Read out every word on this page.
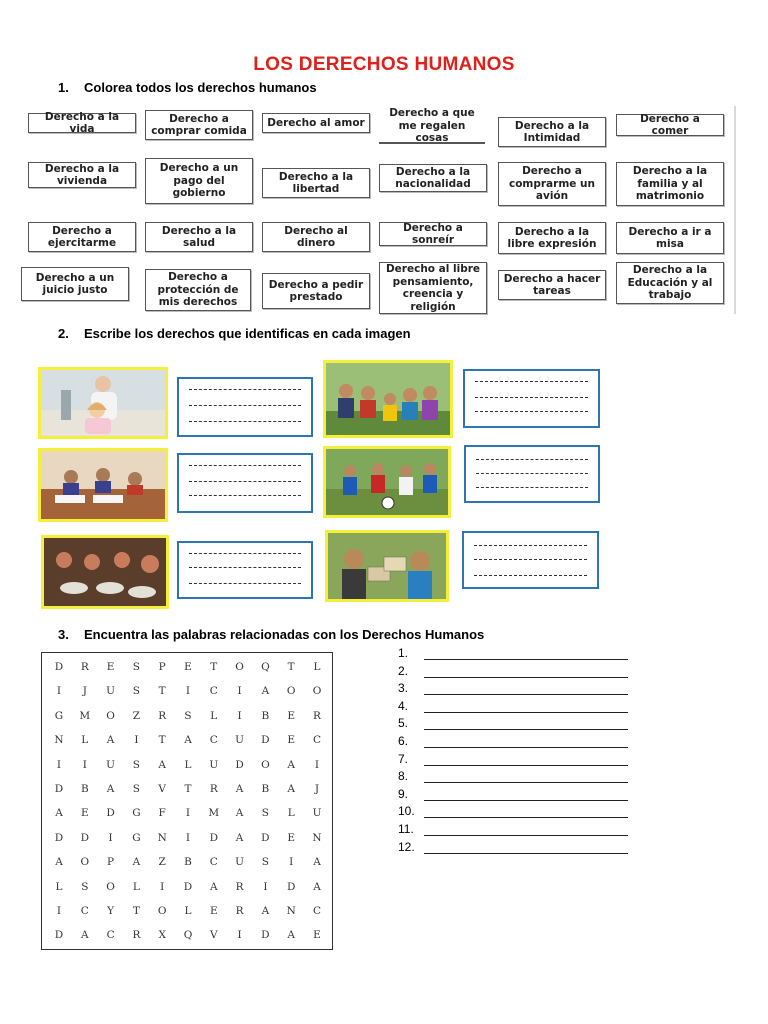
LOS DERECHOS HUMANOS
1. Colorea todos los derechos humanos
Derecho a la vida
Derecho a comprar comida
Derecho al amor
Derecho a que me regalen cosas
Derecho a la Intimidad
Derecho a comer
Derecho a la vivienda
Derecho a un pago del gobierno
Derecho a la libertad
Derecho a la nacionalidad
Derecho a comprarme un avión
Derecho a la familia y al matrimonio
Derecho a ejercitarme
Derecho a la salud
Derecho al dinero
Derecho a sonreír
Derecho a la libre expresión
Derecho a ir a misa
Derecho a un juicio justo
Derecho a protección de mis derechos
Derecho a pedir prestado
Derecho al libre pensamiento, creencia y religión
Derecho a hacer tareas
Derecho a la Educación y al trabajo
2. Escribe los derechos que identificas en cada imagen
3. Encuentra las palabras relacionadas con los Derechos Humanos
D	R	E	S	P	E	T	O	Q	T	L
I	J	U	S	T	I	C	I	A	O	O
G	M	O	Z	R	S	L	I	B	E	R
N	L	A	I	T	A	C	U	D	E	C
I	I	U	S	A	L	U	D	O	A	I
D	B	A	S	V	T	R	A	B	A	J
A	E	D	G	F	I	M	A	S	L	U
D	D	I	G	N	I	D	A	D	E	N
A	O	P	A	Z	B	C	U	S	I	A
L	S	O	L	I	D	A	R	I	D	A
I	C	Y	T	O	L	E	R	A	N	C
D	A	C	R	X	Q	V	I	D	A	E
1.
2.
3.
4.
5.
6.
7.
8.
9.
10.
11.
12.
